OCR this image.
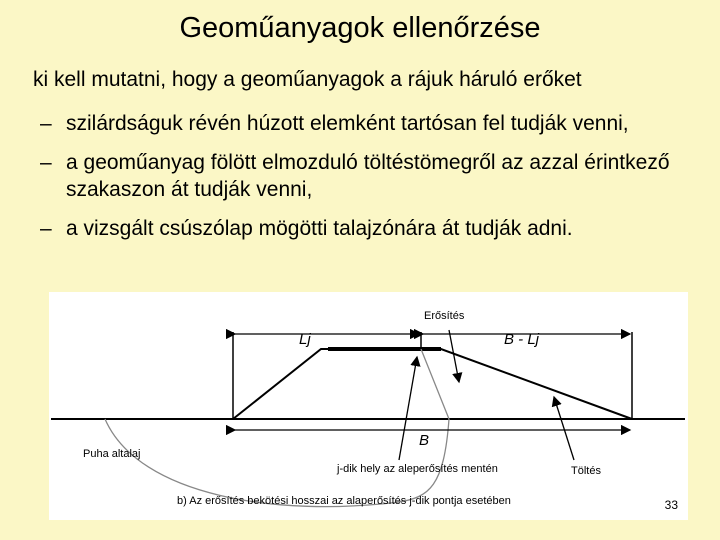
Geoműanyagok ellenőrzése
ki kell mutatni, hogy a geoműanyagok a rájuk háruló erőket
– szilárdságuk révén húzott elemként tartósan fel tudják venni,
– a geoműanyag fölött elmozduló töltéstömegről az azzal érintkező szakaszon át tudják venni,
– a vizsgált csúszólap mögötti talajzónára át tudják adni.
Erősítés
Lj	B - Lj
B
Puha altalaj
j-dik hely az aleperősítés mentén	Töltés
b) Az erősítés bekötési hosszai az alaperősítés j-dik pontja esetében	33
